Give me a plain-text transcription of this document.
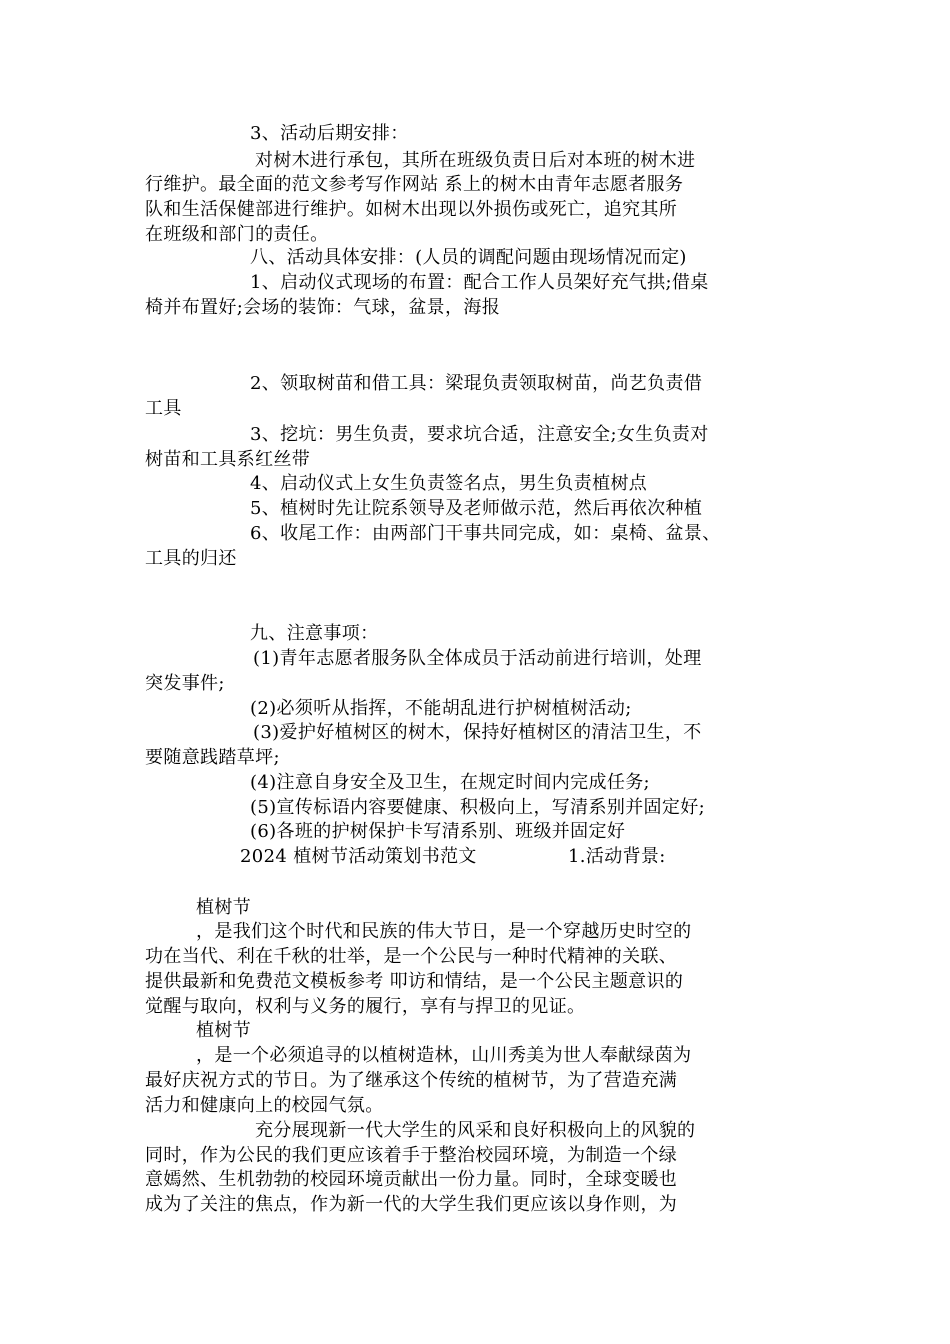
3、活动后期安排：
对树木进行承包，其所在班级负责日后对本班的树木进
行维护。最全面的范文参考写作网站 系上的树木由青年志愿者服务
队和生活保健部进行维护。如树木出现以外损伤或死亡，追究其所
在班级和部门的责任。
八、活动具体安排：(人员的调配问题由现场情况而定)
1、启动仪式现场的布置：配合工作人员架好充气拱;借桌
椅并布置好;会场的装饰：气球，盆景，海报
2、领取树苗和借工具：梁琨负责领取树苗，尚艺负责借
工具
3、挖坑：男生负责，要求坑合适，注意安全;女生负责对
树苗和工具系红丝带
4、启动仪式上女生负责签名点，男生负责植树点
5、植树时先让院系领导及老师做示范，然后再依次种植
6、收尾工作：由两部门干事共同完成，如：桌椅、盆景、
工具的归还
九、注意事项：
(1)青年志愿者服务队全体成员于活动前进行培训，处理
突发事件;
(2)必须听从指挥，不能胡乱进行护树植树活动;
(3)爱护好植树区的树木，保持好植树区的清洁卫生，不
要随意践踏草坪;
(4)注意自身安全及卫生，在规定时间内完成任务;
(5)宣传标语内容要健康、积极向上，写清系别并固定好;
(6)各班的护树保护卡写清系别、班级并固定好
2024 植树节活动策划书范文	1.活动背景:
植树节
，是我们这个时代和民族的伟大节日，是一个穿越历史时空的
功在当代、利在千秋的壮举，是一个公民与一种时代精神的关联、
提供最新和免费范文模板参考 叩访和情结，是一个公民主题意识的
觉醒与取向，权利与义务的履行，享有与捍卫的见证。
植树节
，是一个必须追寻的以植树造林，山川秀美为世人奉献绿茵为
最好庆祝方式的节日。为了继承这个传统的植树节，为了营造充满
活力和健康向上的校园气氛。
充分展现新一代大学生的风采和良好积极向上的风貌的
同时，作为公民的我们更应该着手于整治校园环境，为制造一个绿
意嫣然、生机勃勃的校园环境贡献出一份力量。同时，全球变暖也
成为了关注的焦点，作为新一代的大学生我们更应该以身作则，为
